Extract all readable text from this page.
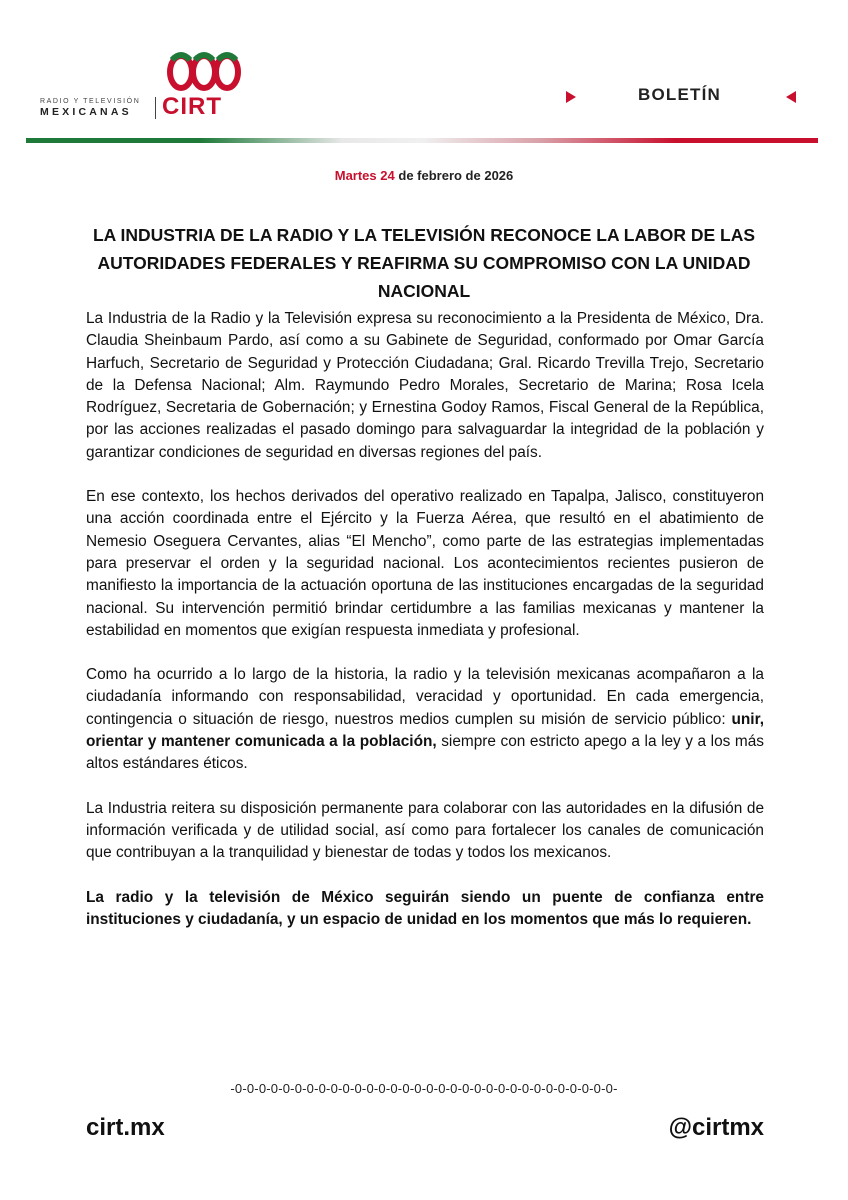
RADIO Y TELEVISIÓN
MEXICANAS CIRT	BOLETÍN
Martes 24 de febrero de 2026
LA INDUSTRIA DE LA RADIO Y LA TELEVISIÓN RECONOCE LA LABOR DE LAS AUTORIDADES FEDERALES Y REAFIRMA SU COMPROMISO CON LA UNIDAD NACIONAL

La Industria de la Radio y la Televisión expresa su reconocimiento a la Presidenta de México, Dra. Claudia Sheinbaum Pardo, así como a su Gabinete de Seguridad, conformado por Omar García Harfuch, Secretario de Seguridad y Protección Ciudadana; Gral. Ricardo Trevilla Trejo, Secretario de la Defensa Nacional; Alm. Raymundo Pedro Morales, Secretario de Marina; Rosa Icela Rodríguez, Secretaria de Gobernación; y Ernestina Godoy Ramos, Fiscal General de la República, por las acciones realizadas el pasado domingo para salvaguardar la integridad de la población y garantizar condiciones de seguridad en diversas regiones del país.

En ese contexto, los hechos derivados del operativo realizado en Tapalpa, Jalisco, constituyeron una acción coordinada entre el Ejército y la Fuerza Aérea, que resultó en el abatimiento de Nemesio Oseguera Cervantes, alias “El Mencho”, como parte de las estrategias implementadas para preservar el orden y la seguridad nacional. Los acontecimientos recientes pusieron de manifiesto la importancia de la actuación oportuna de las instituciones encargadas de la seguridad nacional. Su intervención permitió brindar certidumbre a las familias mexicanas y mantener la estabilidad en momentos que exigían respuesta inmediata y profesional.

Como ha ocurrido a lo largo de la historia, la radio y la televisión mexicanas acompañaron a la ciudadanía informando con responsabilidad, veracidad y oportunidad. En cada emergencia, contingencia o situación de riesgo, nuestros medios cumplen su misión de servicio público: unir, orientar y mantener comunicada a la población, siempre con estricto apego a la ley y a los más altos estándares éticos.

La Industria reitera su disposición permanente para colaborar con las autoridades en la difusión de información verificada y de utilidad social, así como para fortalecer los canales de comunicación que contribuyan a la tranquilidad y bienestar de todas y todos los mexicanos.

La radio y la televisión de México seguirán siendo un puente de confianza entre instituciones y ciudadanía, y un espacio de unidad en los momentos que más lo requieren.

-0-0-0-0-0-0-0-0-0-0-0-0-0-0-0-0-0-0-0-0-0-0-0-0-0-0-0-0-0-0-0-0-
cirt.mx	@cirtmx
